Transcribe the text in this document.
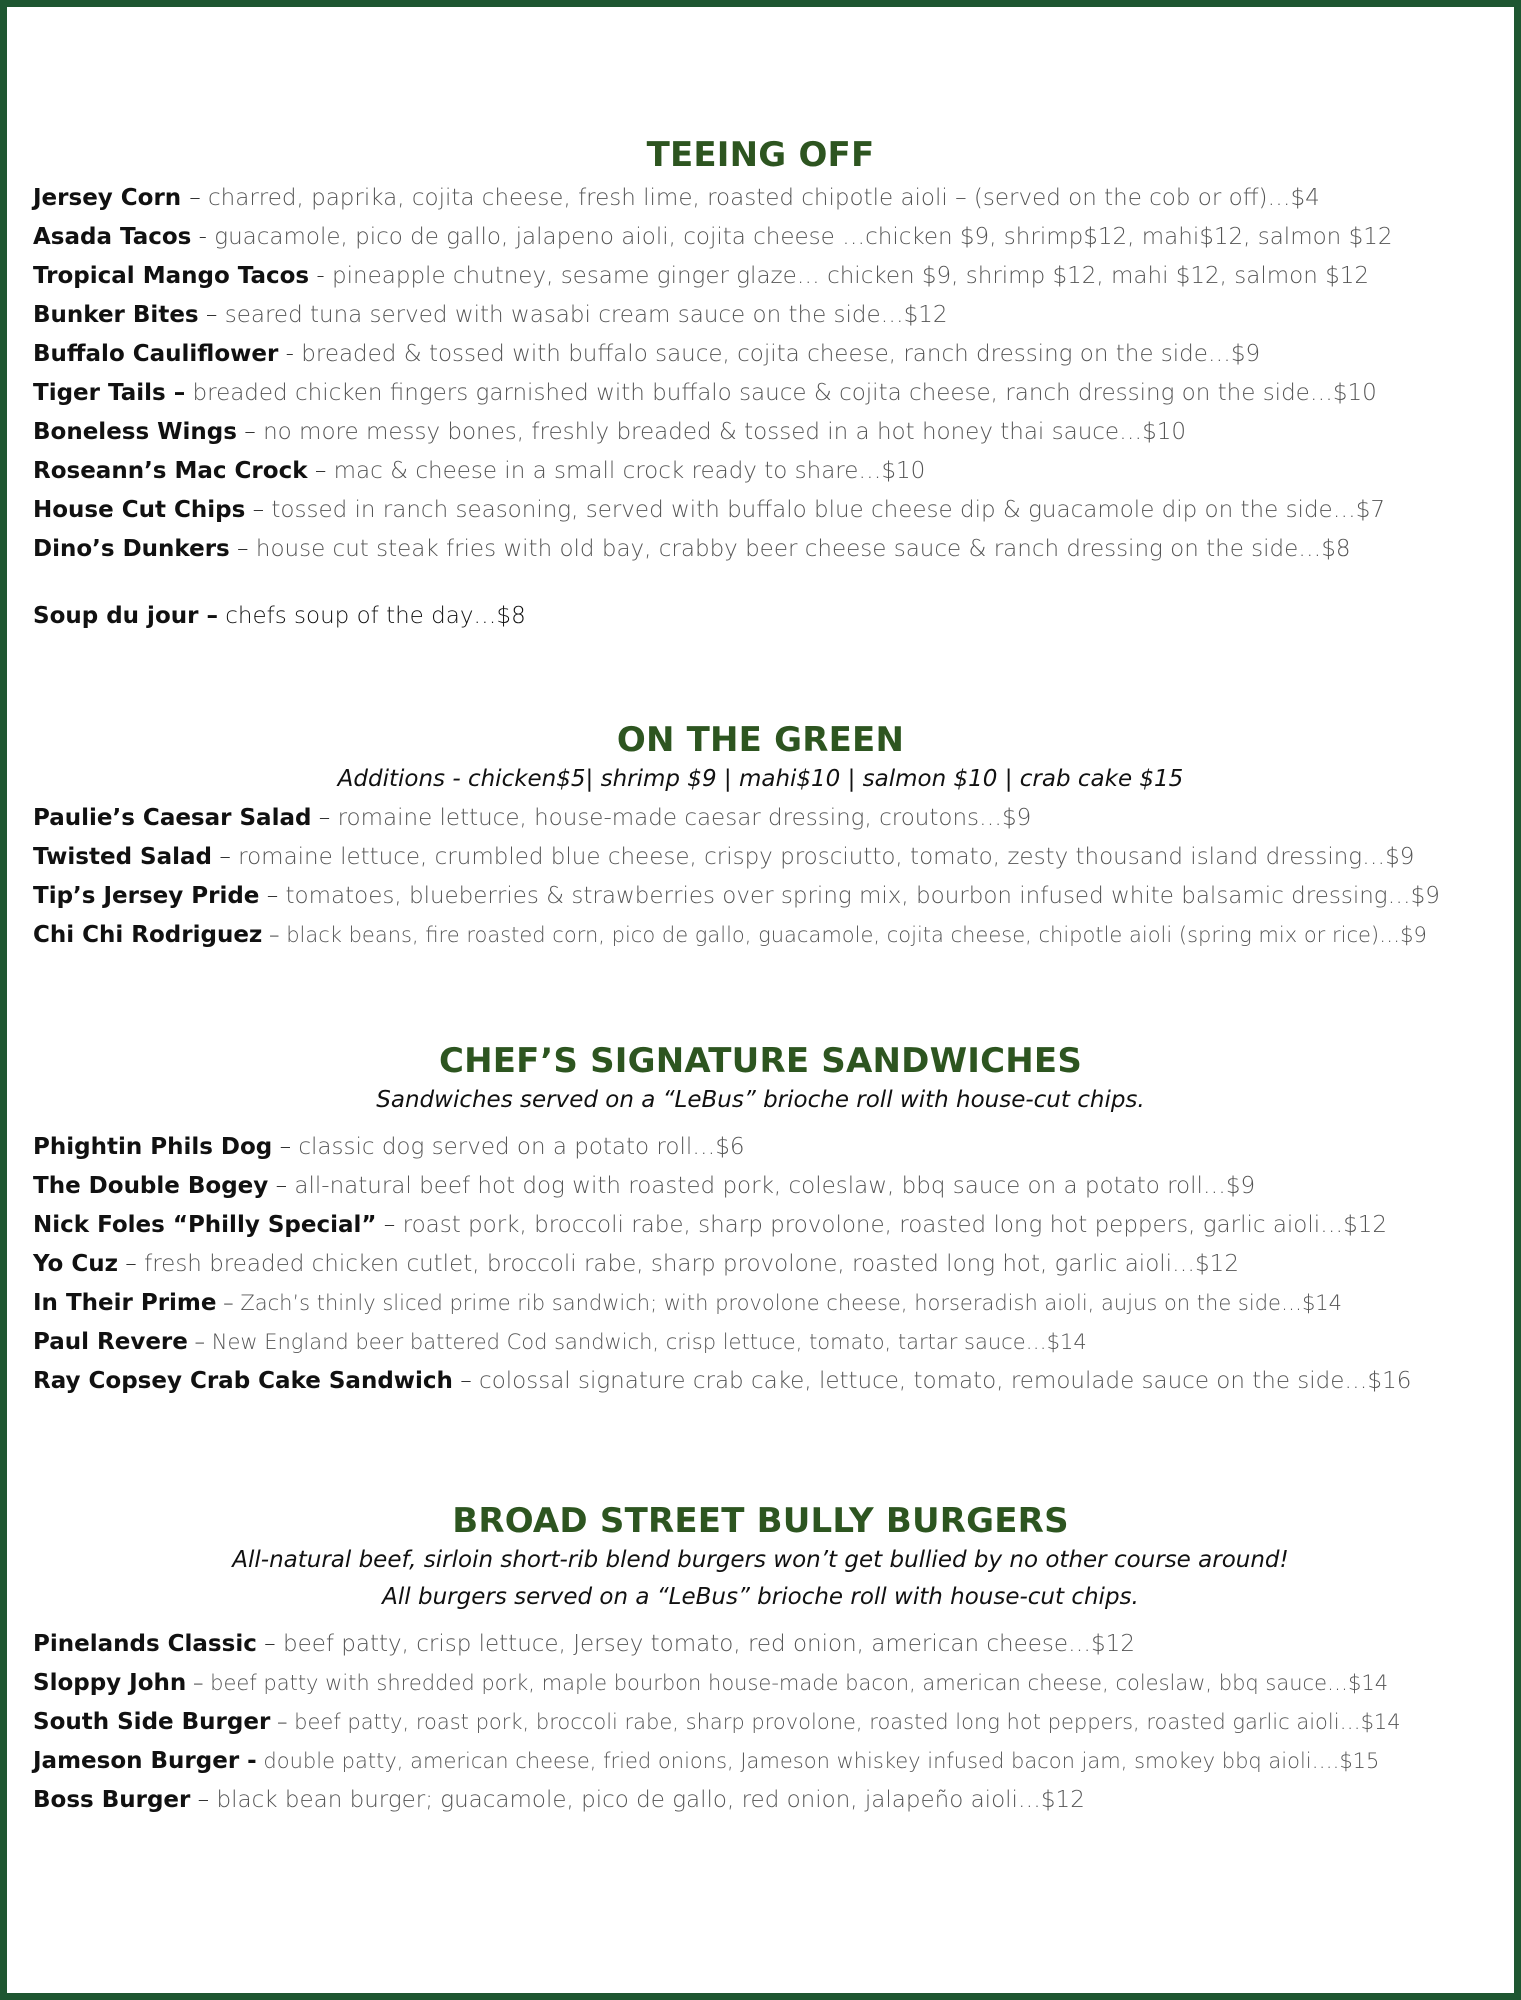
TEEING OFF
Jersey Corn – charred, paprika, cojita cheese, fresh lime, roasted chipotle aioli – (served on the cob or off)…$4
Asada Tacos - guacamole, pico de gallo, jalapeno aioli, cojita cheese …chicken $9, shrimp$12, mahi$12, salmon $12
Tropical Mango Tacos - pineapple chutney, sesame ginger glaze… chicken $9, shrimp $12, mahi $12, salmon $12
Bunker Bites – seared tuna served with wasabi cream sauce on the side…$12
Buffalo Cauliflower - breaded & tossed with buffalo sauce, cojita cheese, ranch dressing on the side…$9
Tiger Tails – breaded chicken fingers garnished with buffalo sauce & cojita cheese, ranch dressing on the side…$10
Boneless Wings – no more messy bones, freshly breaded & tossed in a hot honey thai sauce…$10
Roseann’s Mac Crock – mac & cheese in a small crock ready to share…$10
House Cut Chips – tossed in ranch seasoning, served with buffalo blue cheese dip & guacamole dip on the side…$7
Dino’s Dunkers – house cut steak fries with old bay, crabby beer cheese sauce & ranch dressing on the side…$8
Soup du jour – chefs soup of the day…$8
ON THE GREEN

Additions - chicken$5| shrimp $9 | mahi$10 | salmon $10 | crab cake $15

Paulie’s Caesar Salad – romaine lettuce, house-made caesar dressing, croutons…$9
Twisted Salad – romaine lettuce, crumbled blue cheese, crispy prosciutto, tomato, zesty thousand island dressing…$9
Tip’s Jersey Pride – tomatoes, blueberries & strawberries over spring mix, bourbon infused white balsamic dressing…$9
Chi Chi Rodriguez – black beans, fire roasted corn, pico de gallo, guacamole, cojita cheese, chipotle aioli (spring mix or rice)…$9
CHEF’S SIGNATURE SANDWICHES

Sandwiches served on a “LeBus” brioche roll with house-cut chips.

Phightin Phils Dog – classic dog served on a potato roll…$6
The Double Bogey – all-natural beef hot dog with roasted pork, coleslaw, bbq sauce on a potato roll…$9
Nick Foles “Philly Special” – roast pork, broccoli rabe, sharp provolone, roasted long hot peppers, garlic aioli…$12
Yo Cuz – fresh breaded chicken cutlet, broccoli rabe, sharp provolone, roasted long hot, garlic aioli…$12
In Their Prime – Zach’s thinly sliced prime rib sandwich; with provolone cheese, horseradish aioli, aujus on the side…$14
Paul Revere – New England beer battered Cod sandwich, crisp lettuce, tomato, tartar sauce…$14
Ray Copsey Crab Cake Sandwich – colossal signature crab cake, lettuce, tomato, remoulade sauce on the side…$16
BROAD STREET BULLY BURGERS

All-natural beef, sirloin short-rib blend burgers won’t get bullied by no other course around!

All burgers served on a “LeBus” brioche roll with house-cut chips.

Pinelands Classic – beef patty, crisp lettuce, Jersey tomato, red onion, american cheese…$12
Sloppy John – beef patty with shredded pork, maple bourbon house-made bacon, american cheese, coleslaw, bbq sauce…$14
South Side Burger – beef patty, roast pork, broccoli rabe, sharp provolone, roasted long hot peppers, roasted garlic aioli…$14
Jameson Burger - double patty, american cheese, fried onions, Jameson whiskey infused bacon jam, smokey bbq aioli….$15
Boss Burger – black bean burger; guacamole, pico de gallo, red onion, jalapeño aioli…$12
